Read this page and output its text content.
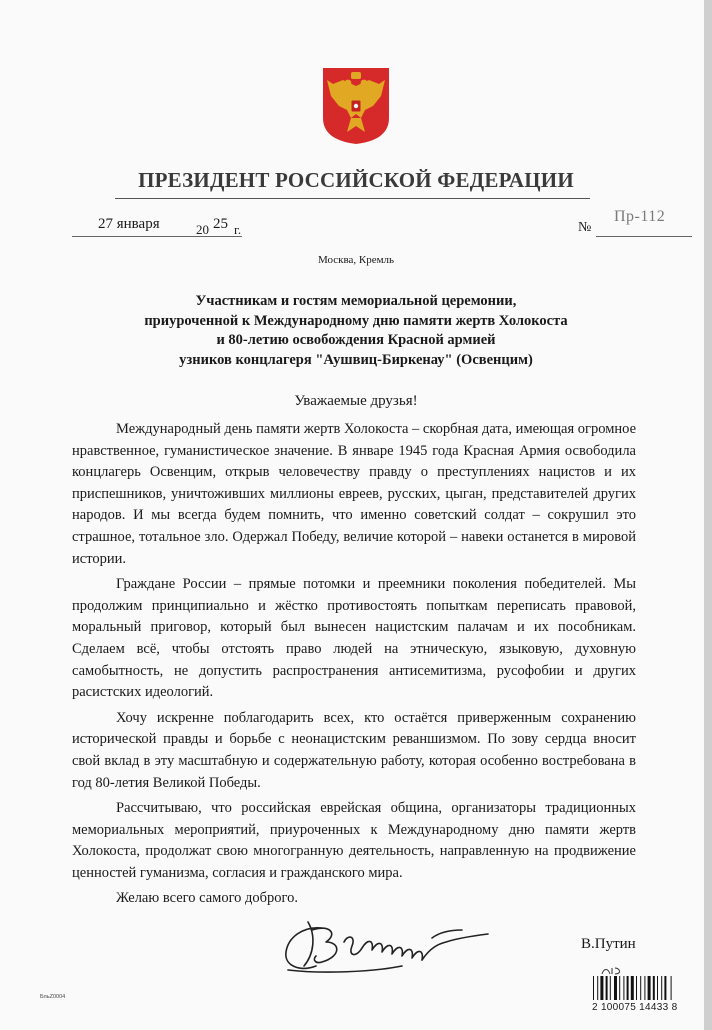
ПРЕЗИДЕНТ РОССИЙСКОЙ ФЕДЕРАЦИИ
27 января	20 25 г.	№
Пр-112
Москва, Кремль
Участникам и гостям мемориальной церемонии,
приуроченной к Международному дню памяти жертв Холокоста
и 80-летию освобождения Красной армией
узников концлагеря "Аушвиц-Биркенау" (Освенцим)
Уважаемые друзья!

Международный день памяти жертв Холокоста – скорбная дата, имеющая огромное нравственное, гуманистическое значение. В январе 1945 года Красная Армия освободила концлагерь Освенцим, открыв человечеству правду о преступлениях нацистов и их приспешников, уничтоживших миллионы евреев, русских, цыган, представителей других народов. И мы всегда будем помнить, что именно советский солдат – сокрушил это страшное, тотальное зло. Одержал Победу, величие которой – навеки останется в мировой истории.

Граждане России – прямые потомки и преемники поколения победителей. Мы продолжим принципиально и жёстко противостоять попыткам переписать правовой, моральный приговор, который был вынесен нацистским палачам и их пособникам. Сделаем всё, чтобы отстоять право людей на этническую, языковую, духовную самобытность, не допустить распространения антисемитизма, русофобии и других расистских идеологий.

Хочу искренне поблагодарить всех, кто остаётся приверженным сохранению исторической правды и борьбе с неонацистским реваншизмом. По зову сердца вносит свой вклад в эту масштабную и содержательную работу, которая особенно востребована в год 80-летия Великой Победы.

Рассчитываю, что российская еврейская община, организаторы традиционных мемориальных мероприятий, приуроченных к Международному дню памяти жертв Холокоста, продолжат свою многогранную деятельность, направленную на продвижение ценностей гуманизма, согласия и гражданского мира.

Желаю всего самого доброго.

В.Путин
2 100075 14433 8
БльZ0004
